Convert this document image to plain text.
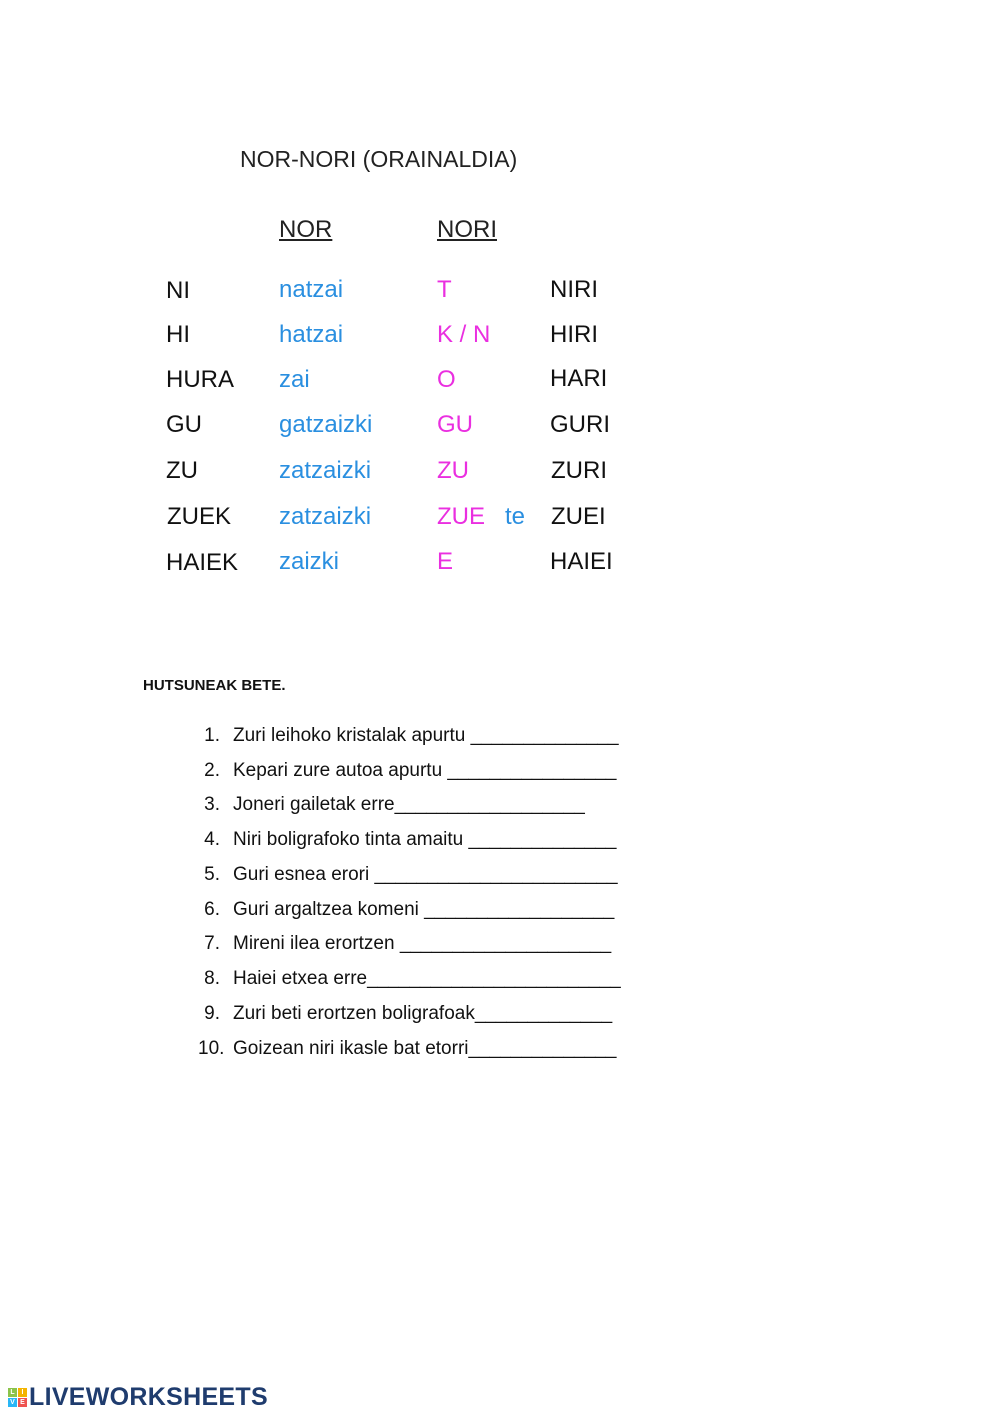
NOR-NORI (ORAINALDIA)
NOR	NORI
NI	natzai	T	NIRI
HI	hatzai	K / N HIRI
HURA zai	O	HARI
GU	gatzaizki	GU	GURI
ZU	zatzaizki	ZU	ZURI
ZUEK zatzaizki	ZUE te ZUEI
HAIEK zaizki	E	HAIEI
HUTSUNEAK BETE.
1. Zuri leihoko kristalak apurtu ______________
2. Kepari zure autoa apurtu ________________
3. Joneri gailetak erre__________________
4. Niri boligrafoko tinta amaitu ______________
5. Guri esnea erori _______________________
6. Guri argaltzea komeni __________________
7. Mireni ilea erortzen ____________________
8. Haiei etxea erre________________________
9. Zuri beti erortzen boligrafoak_____________
10. Goizean niri ikasle bat etorri______________
L I
V E LIVEWORKSHEETS
